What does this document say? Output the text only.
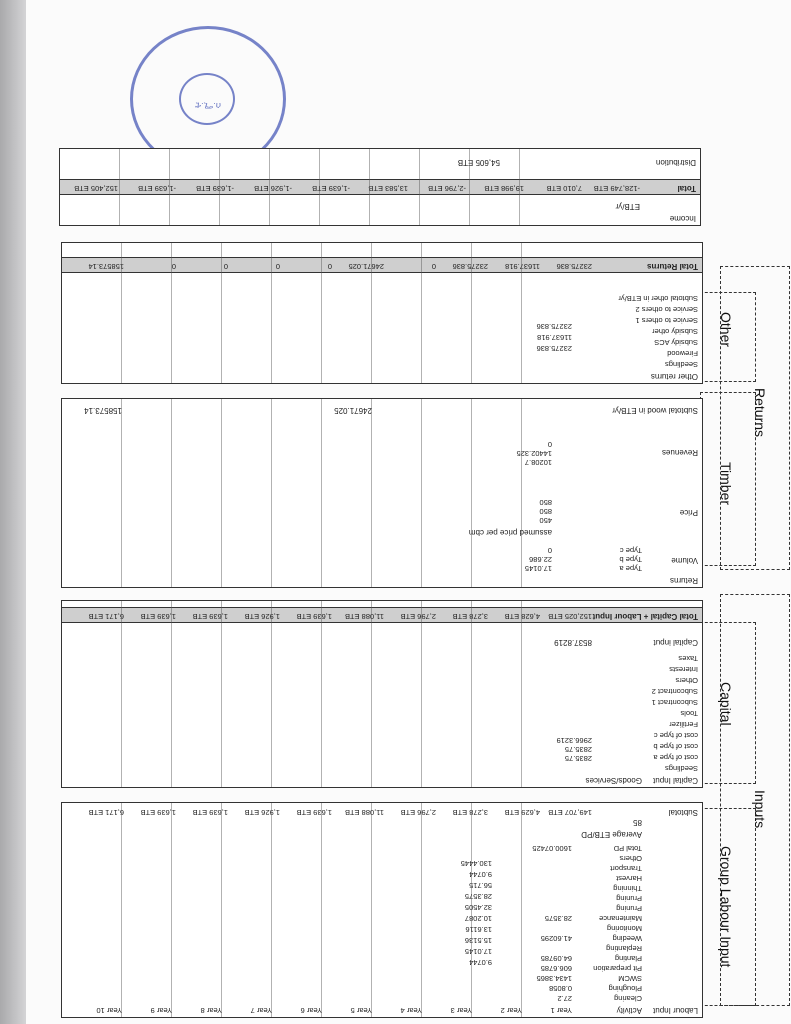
ሰ.ሚ.ቲ
Returns
Inputs
Other
Timber
Capital
Group Labour Input
Income
ETB/yr
Total
-128,749 ETB
7,010 ETB
19,998 ETB
-2,796 ETB
13,583 ETB
-1,639 ETB
-1,926 ETB
-1,639 ETB
-1,639 ETB
152,405 ETB
Distribution
54,605 ETB
Other returns
Seedlings
Firewood
Subsidy ACS
Subsidy other
Service to others 1
Service to others 2
Subtotal other in ETB/yr
23275.836
11637.918
23275.836
Total Returns
23275.836
11637.918
23275.836
0
24671.025
0
0
0
0
158573.14
Returns
Volume
Type a
Type b
Type c
17.0145
22.686
0
assumed price per cbm
Price
450
850
850
Revenues
10208.7
14402.325
0
Subtotal wood in ETB/yr
24671.025
158573.14
Capital Input
Goods/Services
Seedlings
cost of type a
cost of type b
cost of type c
Fertilizer
Tools
Subcontract 1
Subcontract 2
Others
Interests
Taxes
2835.75
2835.75
2966.3219
Capital input
8537.8219
Total Capital + Labour Input
152,025 ETB
4,628 ETB
3,278 ETB
2,796 ETB
11,088 ETB
1,639 ETB
1,926 ETB
1,639 ETB
1,639 ETB
6,171 ETB
Labour Input
Activity
Year 1
Year 2
Year 3
Year 4
Year 5
Year 6
Year 7
Year 8
Year 9
Year 10
Clearing
Ploughing
SWCM
Pit preparation
Planting
Replanting
Weeding
Monitoring
Maintenance
Pruning
Pruning
Thinning
Harvest
Transport
Others
Total PD
27.2
0.8058
1434.3865
606.6785
64.09785
41.60295
28.3575
1600.07425
9.0744
17.0145
15.5136
13.6116
10.2087
32.4505
28.3575
56.715
9.0744
130.4445
Average ETB/PD
85
Subtotal
149,707 ETB
4,629 ETB
3,278 ETB
2,796 ETB
11,088 ETB
1,639 ETB
1,926 ETB
1,639 ETB
1,639 ETB
6,171 ETB
